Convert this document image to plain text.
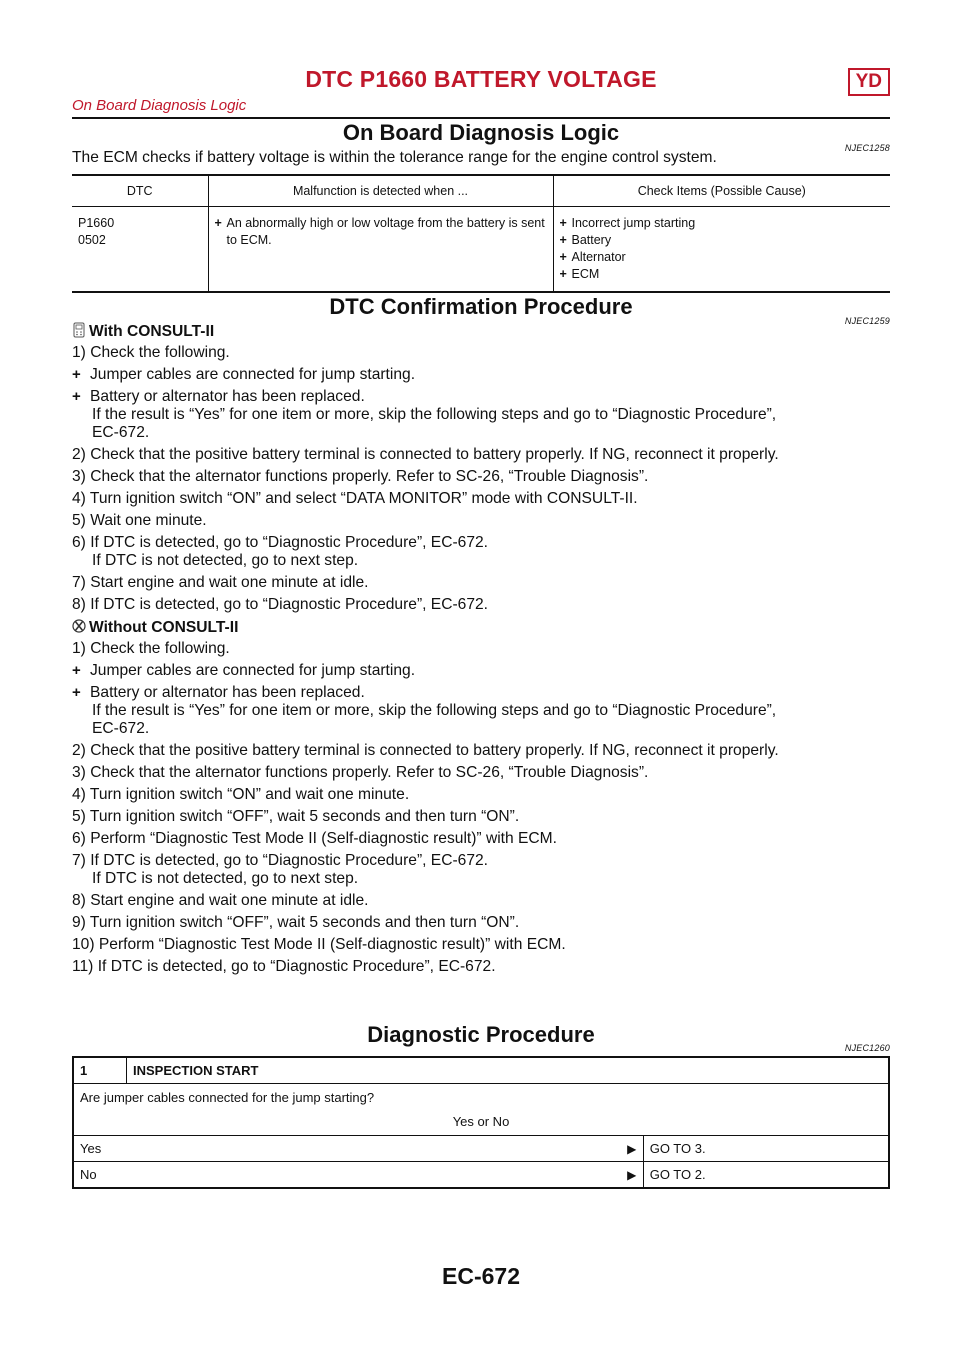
DTC P1660 BATTERY VOLTAGE	YD
On Board Diagnosis Logic
On Board Diagnosis Logic
NJEC1258
The ECM checks if battery voltage is within the tolerance range for the engine control system.
DTC	Malfunction is detected when ...	Check Items (Possible Cause)

P1660
0502	+ An abnormally high or low voltage from the battery is sent to ECM.	+ Incorrect jump starting
+ Battery
+ Alternator
+ ECM
DTC Confirmation Procedure
NJEC1259
With CONSULT-II
1) Check the following.
+ Jumper cables are connected for jump starting.
+ Battery or alternator has been replaced.
If the result is “Yes” for one item or more, skip the following steps and go to “Diagnostic Procedure”,
EC-672.
2) Check that the positive battery terminal is connected to battery properly. If NG, reconnect it properly.
3) Check that the alternator functions properly. Refer to SC-26, “Trouble Diagnosis”.
4) Turn ignition switch “ON” and select “DATA MONITOR” mode with CONSULT-II.
5) Wait one minute.
6) If DTC is detected, go to “Diagnostic Procedure”, EC-672.
If DTC is not detected, go to next step.
7) Start engine and wait one minute at idle.
8) If DTC is detected, go to “Diagnostic Procedure”, EC-672.
Without CONSULT-II
1) Check the following.
+ Jumper cables are connected for jump starting.
+ Battery or alternator has been replaced.
If the result is “Yes” for one item or more, skip the following steps and go to “Diagnostic Procedure”,
EC-672.
2) Check that the positive battery terminal is connected to battery properly. If NG, reconnect it properly.
3) Check that the alternator functions properly. Refer to SC-26, “Trouble Diagnosis”.
4) Turn ignition switch “ON” and wait one minute.
5) Turn ignition switch “OFF”, wait 5 seconds and then turn “ON”.
6) Perform “Diagnostic Test Mode II (Self-diagnostic result)” with ECM.
7) If DTC is detected, go to “Diagnostic Procedure”, EC-672.
If DTC is not detected, go to next step.
8) Start engine and wait one minute at idle.
9) Turn ignition switch “OFF”, wait 5 seconds and then turn “ON”.
10) Perform “Diagnostic Test Mode II (Self-diagnostic result)” with ECM.
11) If DTC is detected, go to “Diagnostic Procedure”, EC-672.
Diagnostic Procedure
NJEC1260
1	INSPECTION START		

Are jumper cables connected for the jump starting?
Yes or No			

Yes		▶	GO TO 3.
No		▶	GO TO 2.
EC-672
